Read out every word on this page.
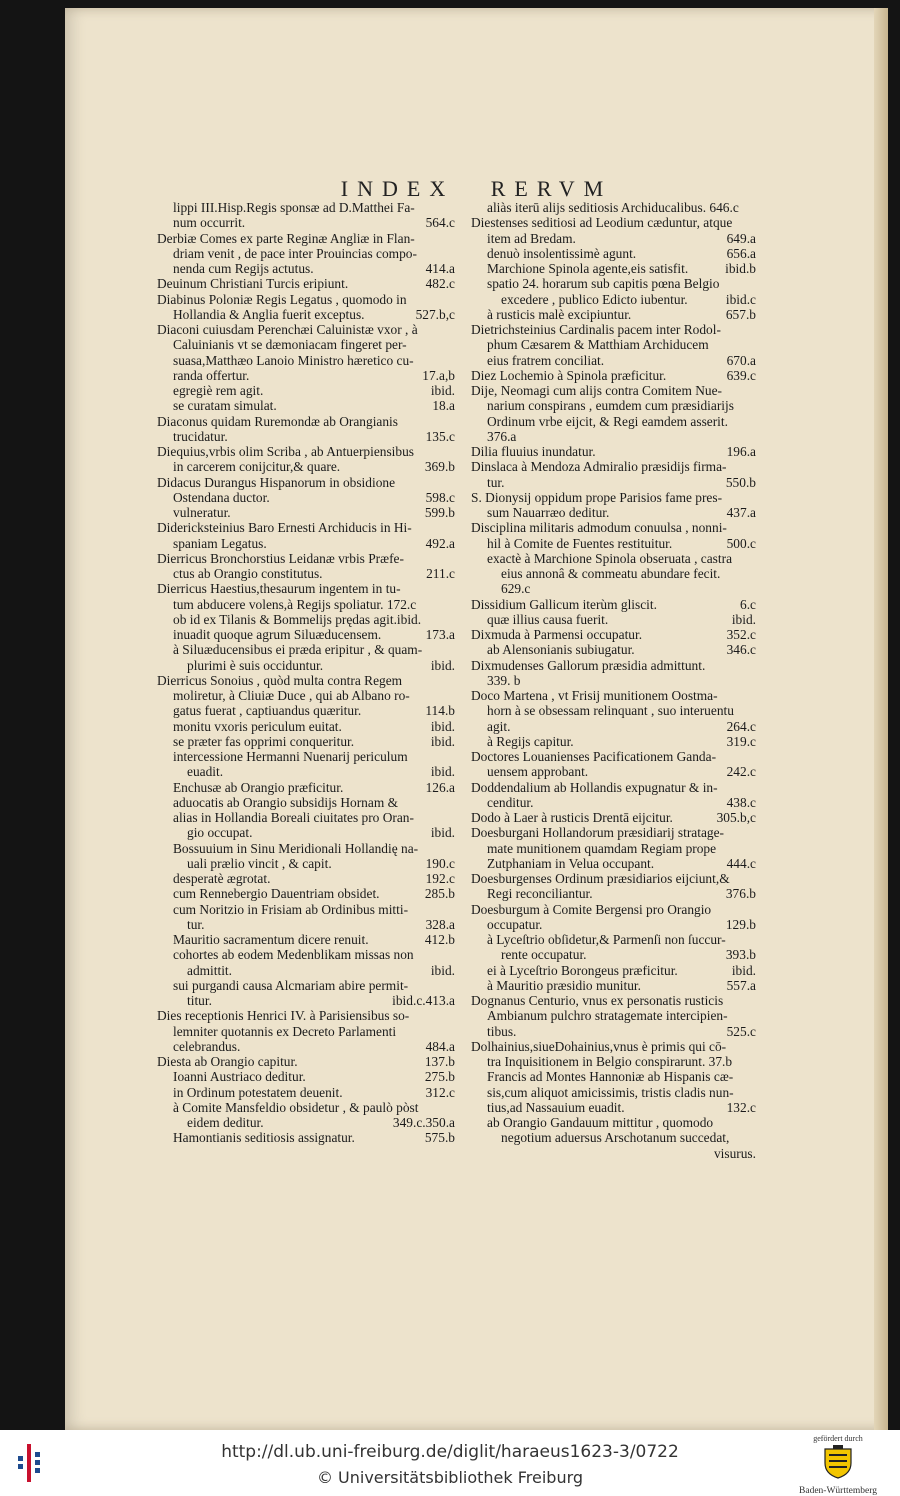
INDEX RERVM
lippi III.Hisp.Regis sponsæ ad D.Matthei Fa-
num occurrit.	564.c
Derbiæ Comes ex parte Reginæ Angliæ in Flan-
driam venit , de pace inter Prouincias compo-
nenda cum Regijs actutus.	414.a
Deuinum Christiani Turcis eripiunt.	482.c
Diabinus Poloniæ Regis Legatus , quomodo in
Hollandia & Anglia fuerit exceptus.	527.b,c
Diaconi cuiusdam Perenchæi Caluinistæ vxor , à
Caluinianis vt se dæmoniacam fingeret per-
suasa,Matthæo Lanoio Ministro hæretico cu-
randa offertur.	17.a,b
egregiè rem agit.	ibid.
se curatam simulat.	18.a
Diaconus quidam Ruremondæ ab Orangianis
trucidatur.	135.c
Diequius,vrbis olim Scriba , ab Antuerpiensibus
in carcerem conijcitur,& quare.	369.b
Didacus Durangus Hispanorum in obsidione
Ostendana ductor.	598.c
vulneratur.	599.b
Diderickstеinius Baro Ernesti Archiducis in Hi-
spaniam Legatus.	492.a
Dierricus Bronchorstius Leidanæ vrbis Præfe-
ctus ab Orangio constitutus.	211.c
Dierricus Haestius,thesaurum ingentem in tu-
tum abducere volens,à Regijs spoliatur. 172.c
ob id ex Tilanis & Bommelijs prędas agit.ibid.
inuadit quoque agrum Siluæducensem.	173.a
à Siluæducensibus ei præda eripitur , & quam-
plurimi è suis occiduntur.	ibid.
Dierricus Sonoius , quòd multa contra Regem
moliretur, à Cliuiæ Duce , qui ab Albano ro-
gatus fuerat , captiuandus quæritur.	114.b
monitu vxoris periculum euitat.	ibid.
se præter fas opprimi conqueritur.	ibid.
intercessione Hermanni Nuenarij periculum
euadit.	ibid.
Enchusæ ab Orangio præficitur.	126.a
aduocatis ab Orangio subsidijs Hornam &
alias in Hollandia Boreali ciuitates pro Oran-
gio occupat.	ibid.
Bossuuium in Sinu Meridionali Hollandię na-
uali prælio vincit , & capit.	190.c
desperatè ægrotat.	192.c
cum Rennebergio Dauentriam obsidet.	285.b
cum Noritzio in Frisiam ab Ordinibus mitti-
tur.	328.a
Mauritio sacramentum dicere renuit.	412.b
cohortes ab eodem Medenblikam missas non
admittit.	ibid.
sui purgandi causa Alcmariam abire permit-
titur.	ibid.c.413.a
Dies receptionis Henrici IV. à Parisiensibus so-
lemniter quotannis ex Decreto Parlamenti
celebrandus.	484.a
Diesta ab Orangio capitur.	137.b
Ioanni Austriaco deditur.	275.b
in Ordinum potestatem deuenit.	312.c
à Comite Mansfeldio obsidetur , & paulò pòst
eidem deditur.	349.c.350.a
Hamontianis seditiosis assignatur.	575.b
aliàs iterū alijs seditiosis Archiducalibus. 646.c
Diestenses seditiosi ad Leodium cæduntur, atque
item ad Bredam.	649.a
denuò insolentissimè agunt.	656.a
Marchione Spinola agente,eis satisfit.	ibid.b
spatio 24. horarum sub capitis pœna Belgio
excedere , publico Edicto iubentur.	ibid.c
à rusticis malè excipiuntur.	657.b
Dietrichsteinius Cardinalis pacem inter Rodol-
phum Cæsarem & Matthiam Archiducem
eius fratrem conciliat.	670.a
Diez Lochemio à Spinola præficitur.	639.c
Dije, Neomagi cum alijs contra Comitem Nue-
narium conspirans , eumdem cum præsidiarijs
Ordinum vrbe eijcit, & Regi eamdem asserit.
376.a
Dilia fluuius inundatur.	196.a
Dinslaca à Mendoza Admiralio præsidijs firma-
tur.	550.b
S. Dionysij oppidum prope Parisios fame pres-
sum Nauarræo deditur.	437.a
Disciplina militaris admodum conuulsa , nonni-
hil à Comite de Fuentes restituitur.	500.c
exactè à Marchione Spinola obseruata , castra
eius annonâ & commeatu abundare fecit.
629.c
Dissidium Gallicum iterùm gliscit.	6.c
quæ illius causa fuerit.	ibid.
Dixmuda à Parmensi occupatur.	352.c
ab Alensonianis subiugatur.	346.c
Dixmudenses Gallorum præsidia admittunt.
339. b
Doco Martena , vt Frisij munitionem Oostma-
horn à se obsessam relinquant , suo interuentu
agit.	264.c
à Regijs capitur.	319.c
Doctores Louanienses Pacificationem Ganda-
uensem approbant.	242.c
Doddendalium ab Hollandis expugnatur & in-
cenditur.	438.c
Dodo à Laer à rusticis Drentā eijcitur.	305.b,c
Doesburgani Hollandorum præsidiarij stratage-
mate munitionem quamdam Regiam prope
Zutphaniam in Velua occupant.	444.c
Doesburgenses Ordinum præsidiarios eijciunt,&
Regi reconciliantur.	376.b
Doesburgum à Comite Bergensi pro Orangio
occupatur.	129.b
à Lyceſtrio obſidetur,& Parmenſi non ſuccur-
rente occupatur.	393.b
ei à Lyceſtrio Borongeus præficitur.	ibid.
à Mauritio præsidio munitur.	557.a
Dognanus Centurio, vnus ex personatis rusticis
Ambianum pulchro stratagemate intercipien-
tibus.	525.c
Dolhainius,siueDohainius,vnus è primis qui cō-
tra Inquisitionem in Belgio conspirarunt. 37.b
Francis ad Montes Hannoniæ ab Hispanis cæ-
sis,cum aliquot amicissimis, tristis cladis nun-
tius,ad Nassauium euadit.	132.c
ab Orangio Gandauum mittitur , quomodo
negotium aduersus Arschotanum succedat,
visurus.
http://dl.ub.uni-freiburg.de/diglit/haraeus1623-3/0722
© Universitätsbibliothek Freiburg
gefördert durch
Baden-Württemberg
